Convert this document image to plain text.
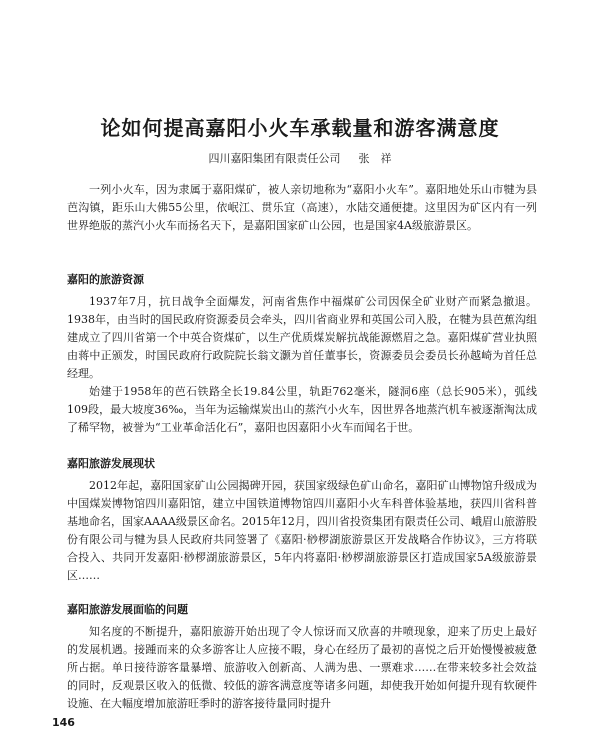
论如何提高嘉阳小火车承载量和游客满意度
四川嘉阳集团有限责任公司 张　祥

一列小火车，因为隶属于嘉阳煤矿，被人亲切地称为“嘉阳小火车”。嘉阳地处乐山市犍为县芭沟镇，距乐山大佛55公里，依岷江、贯乐宜（高速），水陆交通便捷。这里因为矿区内有一列世界绝版的蒸汽小火车而扬名天下，是嘉阳国家矿山公园，也是国家4A级旅游景区。

嘉阳的旅游资源

1937年7月，抗日战争全面爆发，河南省焦作中福煤矿公司因保全矿业财产而紧急撤退。1938年，由当时的国民政府资源委员会牵头，四川省商业界和英国公司入股，在犍为县芭蕉沟组建成立了四川省第一个中英合资煤矿，以生产优质煤炭解抗战能源燃眉之急。嘉阳煤矿营业执照由蒋中正颁发，时国民政府行政院院长翁文灏为首任董事长，资源委员会委员长孙越崎为首任总经理。

始建于1958年的芭石铁路全长19.84公里，轨距762毫米，隧洞6座（总长905米），弧线109段，最大坡度36‰，当年为运输煤炭出山的蒸汽小火车，因世界各地蒸汽机车被逐渐淘汰成了稀罕物，被誉为“工业革命活化石”，嘉阳也因嘉阳小火车而闻名于世。

嘉阳旅游发展现状

2012年起，嘉阳国家矿山公园揭碑开园，获国家级绿色矿山命名，嘉阳矿山博物馆升级成为中国煤炭博物馆四川嘉阳馆，建立中国铁道博物馆四川嘉阳小火车科普体验基地，获四川省科普基地命名，国家AAAA级景区命名。2015年12月，四川省投资集团有限责任公司、峨眉山旅游股份有限公司与犍为县人民政府共同签署了《嘉阳·桫椤湖旅游景区开发战略合作协议》，三方将联合投入、共同开发嘉阳·桫椤湖旅游景区，5年内将嘉阳·桫椤湖旅游景区打造成国家5A级旅游景区……

嘉阳旅游发展面临的问题

知名度的不断提升，嘉阳旅游开始出现了令人惊讶而又欣喜的井喷现象，迎来了历史上最好的发展机遇。接踵而来的众多游客让人应接不暇，身心在经历了最初的喜悦之后开始慢慢被疲惫所占据。单日接待游客量暴增、旅游收入创新高、人满为患、一票难求……在带来较多社会效益的同时，反观景区收入的低微、较低的游客满意度等诸多问题，却使我开始如何提升现有软硬件设施、在大幅度增加旅游旺季时的游客接待量同时提升

146
